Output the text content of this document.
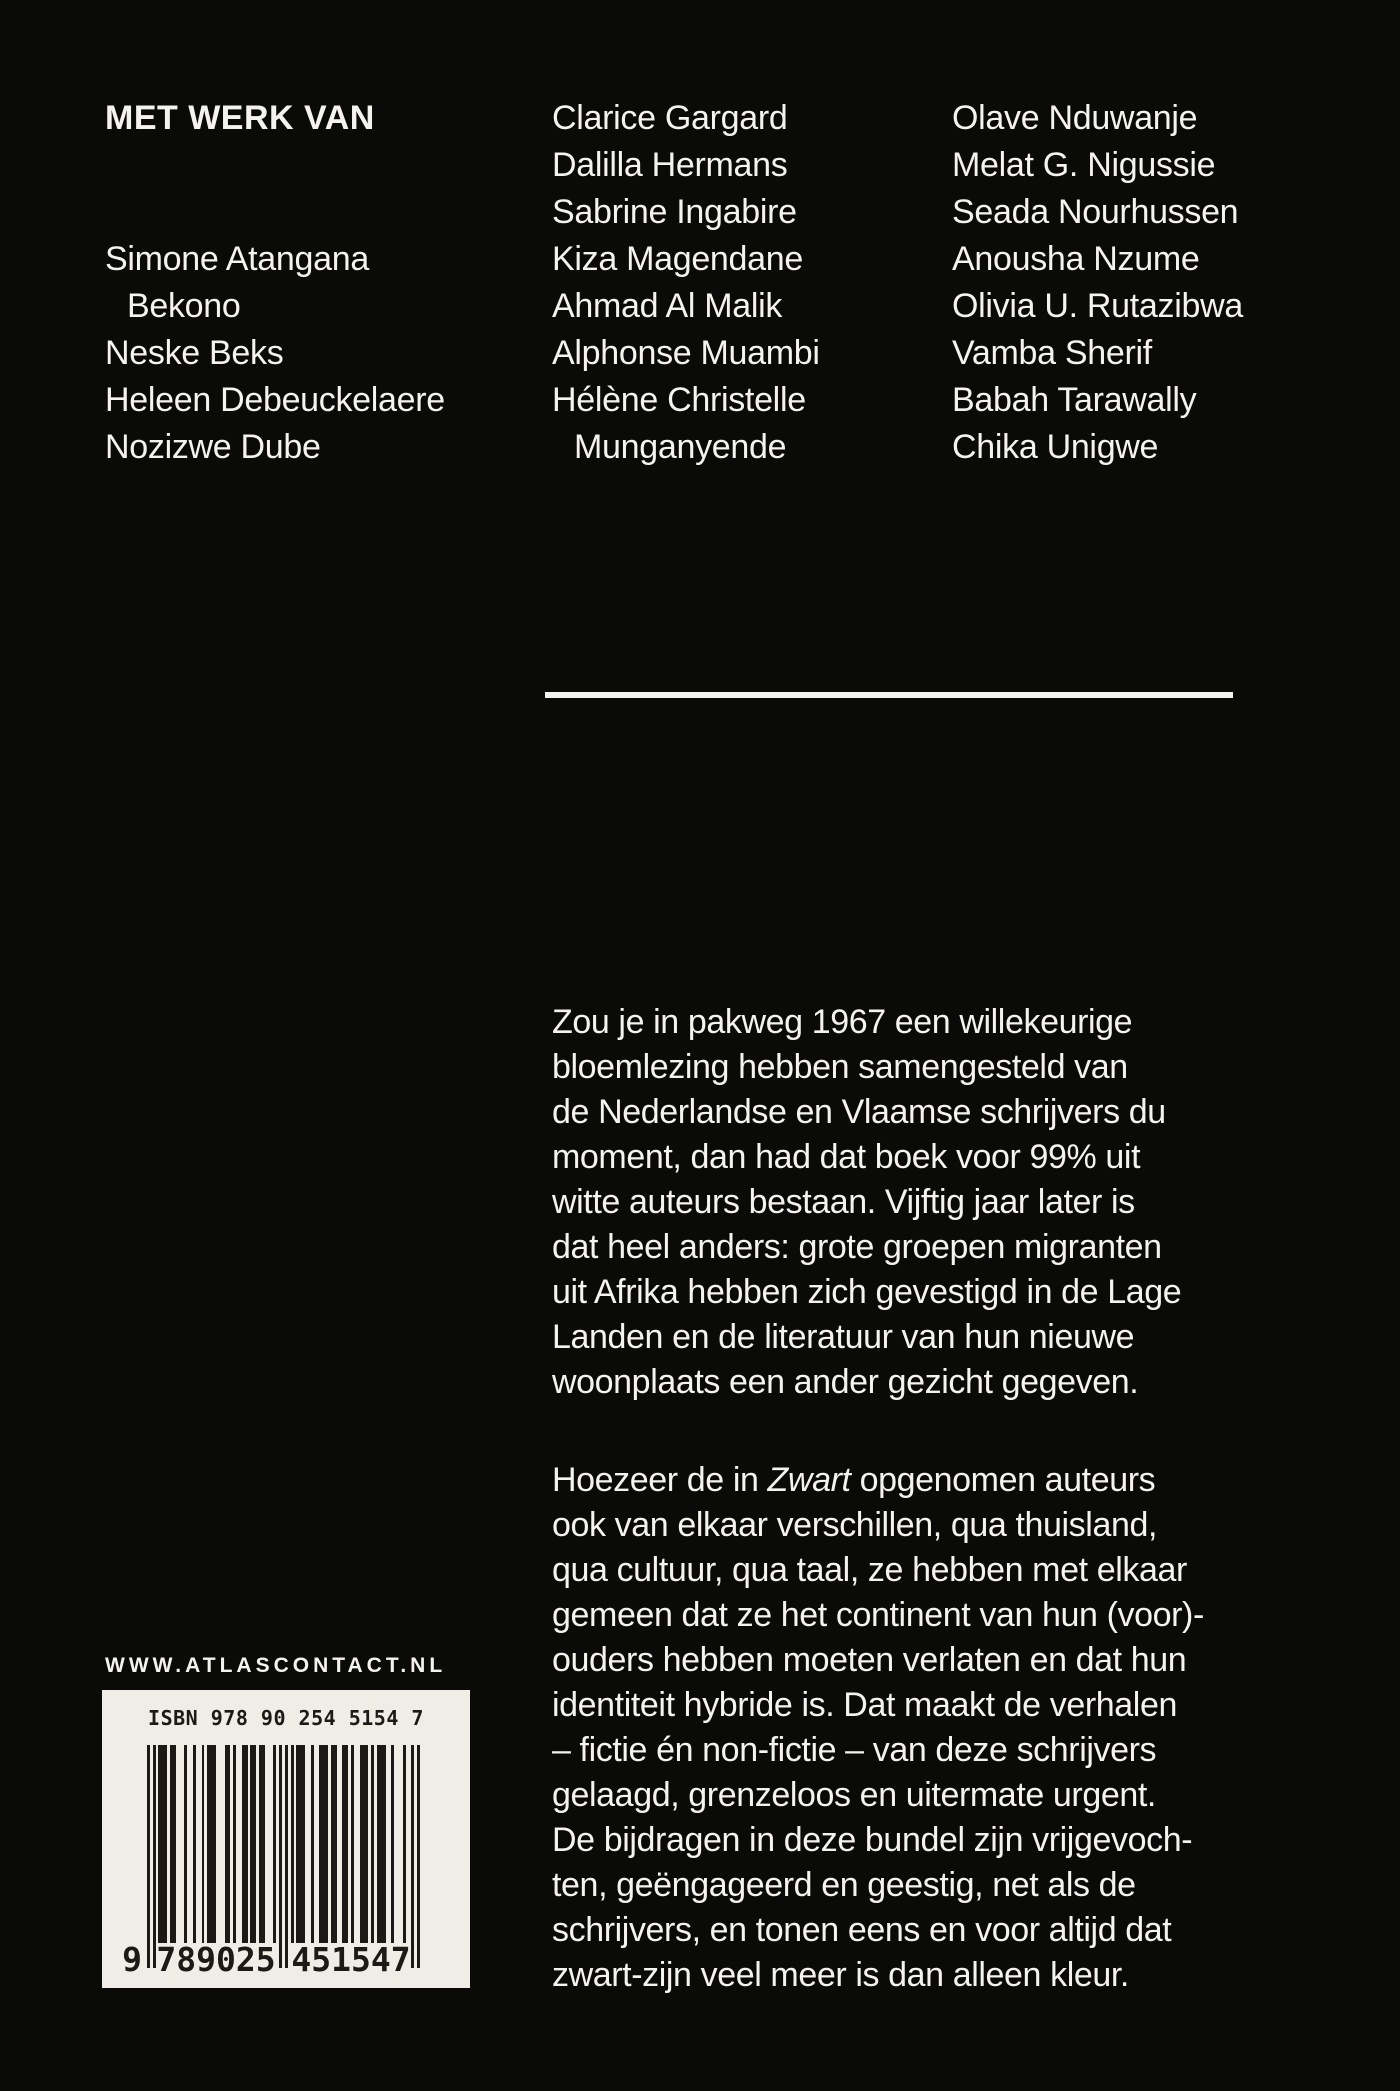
MET WERK VAN
Simone Atangana
Bekono
Neske Beks
Heleen Debeuckelaere
Nozizwe Dube
Clarice Gargard
Dalilla Hermans
Sabrine Ingabire
Kiza Magendane
Ahmad Al Malik
Alphonse Muambi
Hélène Christelle
Munganyende
Olave Nduwanje
Melat G. Nigussie
Seada Nourhussen
Anousha Nzume
Olivia U. Rutazibwa
Vamba Sherif
Babah Tarawally
Chika Unigwe
Zou je in pakweg 1967 een willekeurige
bloemlezing hebben samengesteld van
de Nederlandse en Vlaamse schrijvers du
moment, dan had dat boek voor 99% uit
witte auteurs bestaan. Vijftig jaar later is
dat heel anders: grote groepen migranten
uit Afrika hebben zich gevestigd in de Lage
Landen en de literatuur van hun nieuwe
woonplaats een ander gezicht gegeven.
Hoezeer de in Zwart opgenomen auteurs
ook van elkaar verschillen, qua thuisland,
qua cultuur, qua taal, ze hebben met elkaar
gemeen dat ze het continent van hun (voor)-
ouders hebben moeten verlaten en dat hun
identiteit hybride is. Dat maakt de verhalen
– fictie én non-fictie – van deze schrijvers
gelaagd, grenzeloos en uitermate urgent.
De bijdragen in deze bundel zijn vrijgevoch-
ten, geëngageerd en geestig, net als de
schrijvers, en tonen eens en voor altijd dat
zwart-zijn veel meer is dan alleen kleur.
WWW.ATLASCONTACT.NL
ISBN 978 90 254 5154 7
9 789025 451547
